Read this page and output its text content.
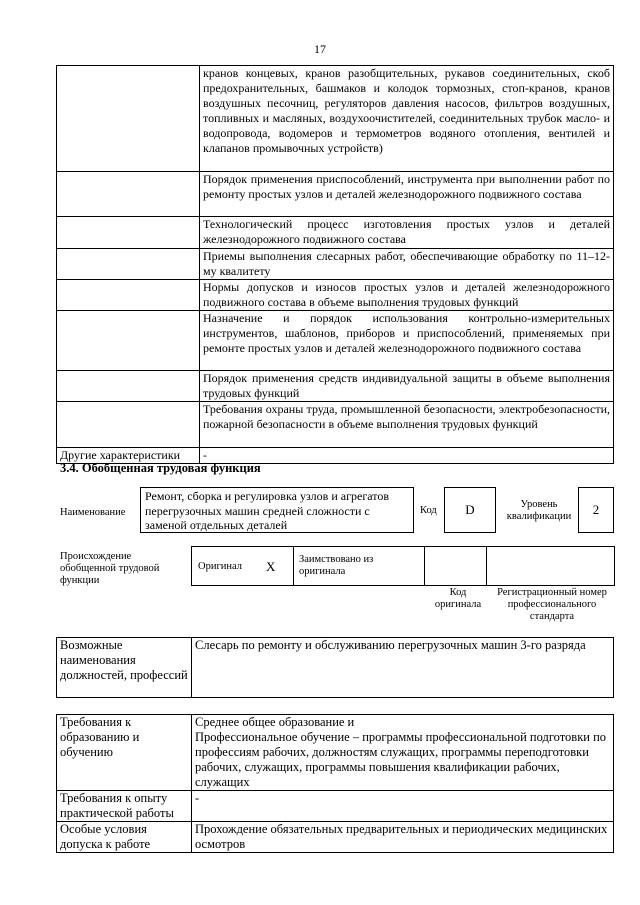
17
	кранов концевых, кранов разобщительных, рукавов соединительных, скоб предохранительных, башмаков и колодок тормозных, стоп-кранов, кранов воздушных песочниц, регуляторов давления насосов, фильтров воздушных, топливных и масляных, воздухоочистителей, соединительных трубок масло- и водопровода, водомеров и термометров водяного отопления, вентилей и клапанов промывочных устройств)
	Порядок применения приспособлений, инструмента при выполнении работ по ремонту простых узлов и деталей железнодорожного подвижного состава
	Технологический процесс изготовления простых узлов и деталей железнодорожного подвижного состава
	Приемы выполнения слесарных работ, обеспечивающие обработку по 11–12-му квалитету
	Нормы допусков и износов простых узлов и деталей железнодорожного подвижного состава в объеме выполнения трудовых функций
	Назначение и порядок использования контрольно-измерительных инструментов, шаблонов, приборов и приспособлений, применяемых при ремонте простых узлов и деталей железнодорожного подвижного состава
	Порядок применения средств индивидуальной защиты в объеме выполнения трудовых функций
	Требования охраны труда, промышленной безопасности, электробезопасности, пожарной безопасности в объеме выполнения трудовых функций
Другие характеристики	-
3.4. Обобщенная трудовая функция
Наименование
Ремонт, сборка и регулировка узлов и агрегатов перегрузочных машин средней сложности с заменой отдельных деталей
Код	D	Уровень квалификации	2
Происхождение обобщенной трудовой функции
Оригинал X Заимствовано из оригинала
Код оригинала
Регистрационный номер профессионального стандарта
Возможные наименования должностей, профессий	Слесарь по ремонту и обслуживанию перегрузочных машин 3-го разряда
Требования к образованию и обучению	Среднее общее образование и
Профессиональное обучение – программы профессиональной подготовки по профессиям рабочих, должностям служащих, программы переподготовки рабочих, служащих, программы повышения квалификации рабочих, служащих

Требования к опыту практической работы	-
Особые условия допуска к работе	Прохождение обязательных предварительных и периодических медицинских осмотров
